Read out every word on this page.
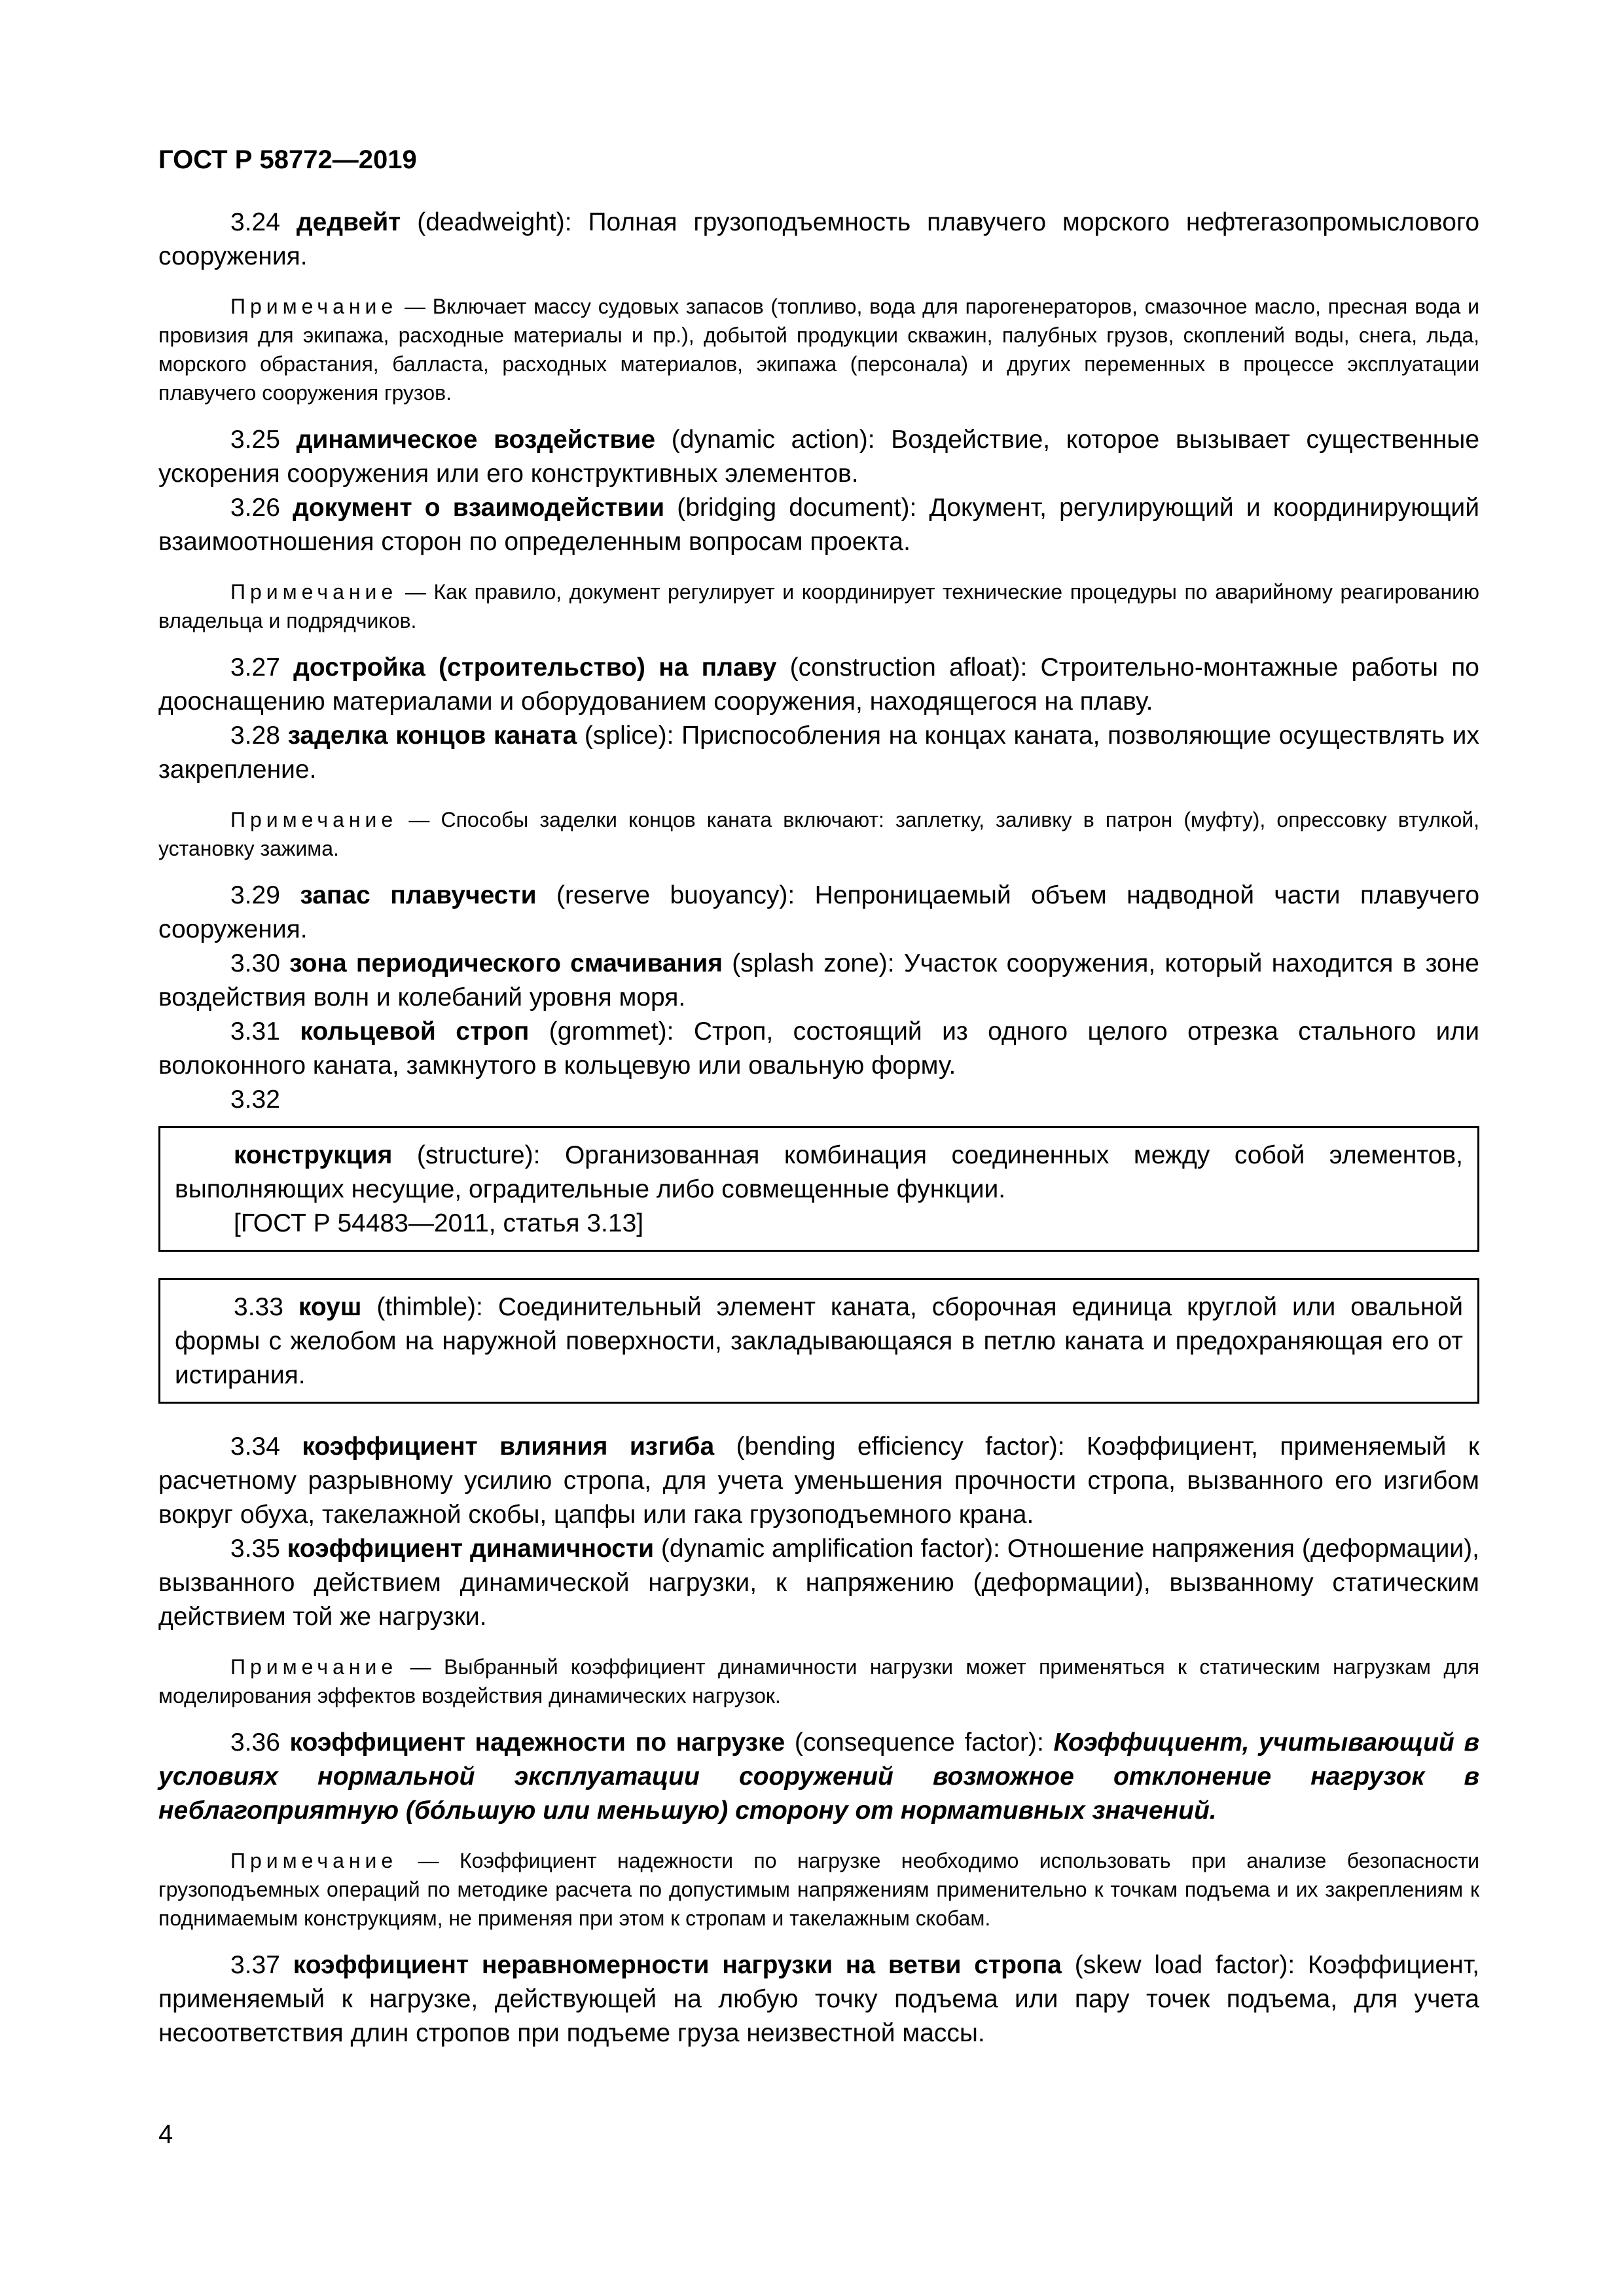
ГОСТ Р 58772—2019

3.24 дедвейт (deadweight): Полная грузоподъемность плавучего морского нефтегазопромыслового сооружения.

Примечание — Включает массу судовых запасов (топливо, вода для парогенераторов, смазочное масло, пресная вода и провизия для экипажа, расходные материалы и пр.), добытой продукции скважин, палубных грузов, скоплений воды, снега, льда, морского обрастания, балласта, расходных материалов, экипажа (персонала) и других переменных в процессе эксплуатации плавучего сооружения грузов.

3.25 динамическое воздействие (dynamic action): Воздействие, которое вызывает существенные ускорения сооружения или его конструктивных элементов.

3.26 документ о взаимодействии (bridging document): Документ, регулирующий и координирующий взаимоотношения сторон по определенным вопросам проекта.

Примечание — Как правило, документ регулирует и координирует технические процедуры по аварийному реагированию владельца и подрядчиков.

3.27 достройка (строительство) на плаву (construction afloat): Строительно-монтажные работы по дооснащению материалами и оборудованием сооружения, находящегося на плаву.

3.28 заделка концов каната (splice): Приспособления на концах каната, позволяющие осуществлять их закрепление.

Примечание — Способы заделки концов каната включают: заплетку, заливку в патрон (муфту), опрессовку втулкой, установку зажима.

3.29 запас плавучести (reserve buoyancy): Непроницаемый объем надводной части плавучего сооружения.

3.30 зона периодического смачивания (splash zone): Участок сооружения, который находится в зоне воздействия волн и колебаний уровня моря.

3.31 кольцевой строп (grommet): Строп, состоящий из одного целого отрезка стального или волоконного каната, замкнутого в кольцевую или овальную форму.

3.32

конструкция (structure): Организованная комбинация соединенных между собой элементов, выполняющих несущие, оградительные либо совмещенные функции.

[ГОСТ Р 54483—2011, статья 3.13]

3.33 коуш (thimble): Соединительный элемент каната, сборочная единица круглой или овальной формы с желобом на наружной поверхности, закладывающаяся в петлю каната и предохраняющая его от истирания.

3.34 коэффициент влияния изгиба (bending efficiency factor): Коэффициент, применяемый к расчетному разрывному усилию стропа, для учета уменьшения прочности стропа, вызванного его изгибом вокруг обуха, такелажной скобы, цапфы или гака грузоподъемного крана.

3.35 коэффициент динамичности (dynamic amplification factor): Отношение напряжения (деформации), вызванного действием динамической нагрузки, к напряжению (деформации), вызванному статическим действием той же нагрузки.

Примечание — Выбранный коэффициент динамичности нагрузки может применяться к статическим нагрузкам для моделирования эффектов воздействия динамических нагрузок.

3.36 коэффициент надежности по нагрузке (consequence factor): Коэффициент, учитывающий в условиях нормальной эксплуатации сооружений возможное отклонение нагрузок в неблагоприятную (бо́льшую или меньшую) сторону от нормативных значений.

Примечание — Коэффициент надежности по нагрузке необходимо использовать при анализе безопасности грузоподъемных операций по методике расчета по допустимым напряжениям применительно к точкам подъема и их закреплениям к поднимаемым конструкциям, не применяя при этом к стропам и такелажным скобам.

3.37 коэффициент неравномерности нагрузки на ветви стропа (skew load factor): Коэффициент, применяемый к нагрузке, действующей на любую точку подъема или пару точек подъема, для учета несоответствия длин стропов при подъеме груза неизвестной массы.

4
